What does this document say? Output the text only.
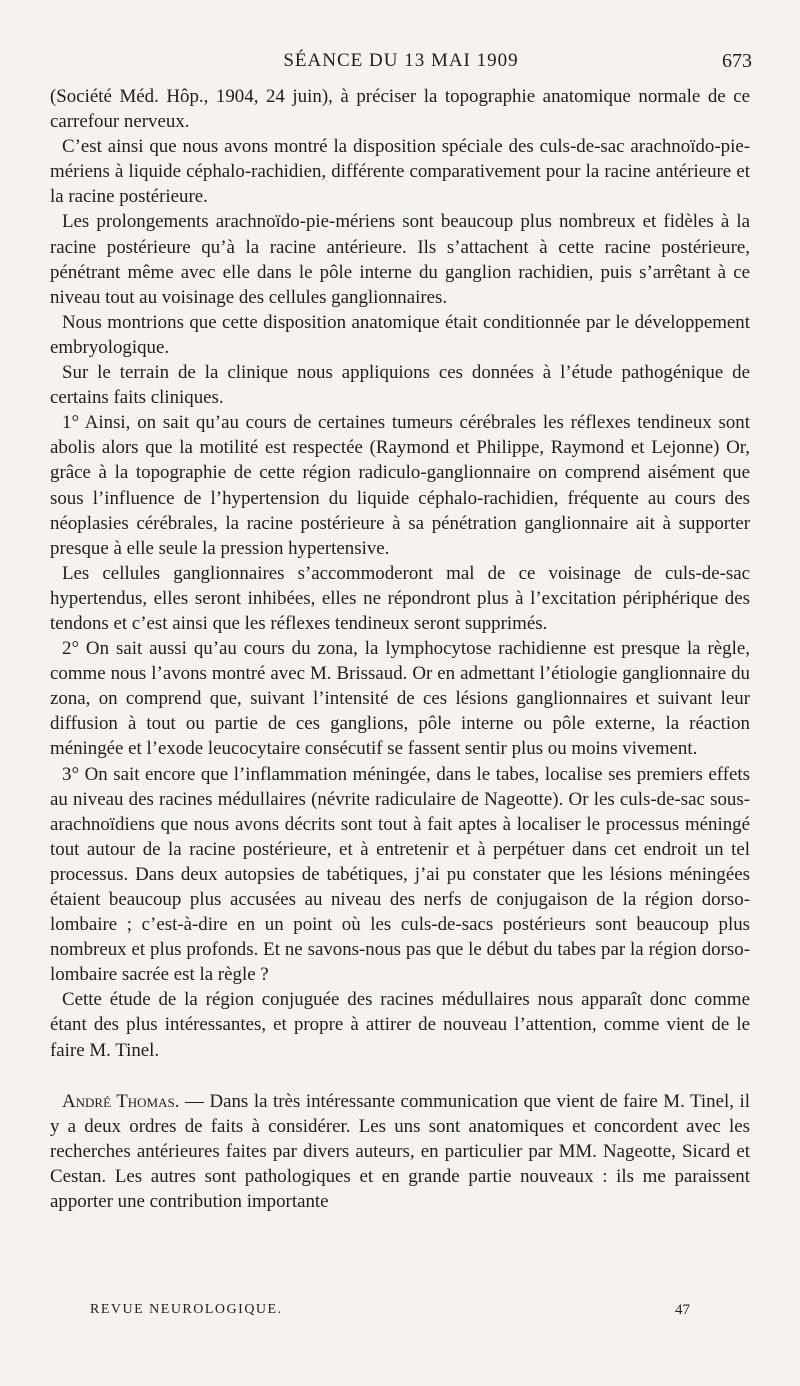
SÉANCE DU 13 MAI 1909	673

(Société Méd. Hôp., 1904, 24 juin), à préciser la topographie anatomique normale de ce carrefour nerveux.

C’est ainsi que nous avons montré la disposition spéciale des culs-de-sac arachnoïdo-pie-mériens à liquide céphalo-rachidien, différente comparativement pour la racine antérieure et la racine postérieure.

Les prolongements arachnoïdo-pie-mériens sont beaucoup plus nombreux et fidèles à la racine postérieure qu’à la racine antérieure. Ils s’attachent à cette racine postérieure, pénétrant même avec elle dans le pôle interne du ganglion rachidien, puis s’arrêtant à ce niveau tout au voisinage des cellules ganglionnaires.

Nous montrions que cette disposition anatomique était conditionnée par le développement embryologique.

Sur le terrain de la clinique nous appliquions ces données à l’étude pathogénique de certains faits cliniques.

1° Ainsi, on sait qu’au cours de certaines tumeurs cérébrales les réflexes tendineux sont abolis alors que la motilité est respectée (Raymond et Philippe, Raymond et Lejonne) Or, grâce à la topographie de cette région radiculo-ganglionnaire on comprend aisément que sous l’influence de l’hypertension du liquide céphalo-rachidien, fréquente au cours des néoplasies cérébrales, la racine postérieure à sa pénétration ganglionnaire ait à supporter presque à elle seule la pression hypertensive.

Les cellules ganglionnaires s’accommoderont mal de ce voisinage de culs-de-sac hypertendus, elles seront inhibées, elles ne répondront plus à l’excitation périphérique des tendons et c’est ainsi que les réflexes tendineux seront supprimés.

2° On sait aussi qu’au cours du zona, la lymphocytose rachidienne est presque la règle, comme nous l’avons montré avec M. Brissaud. Or en admettant l’étiologie ganglionnaire du zona, on comprend que, suivant l’intensité de ces lésions ganglionnaires et suivant leur diffusion à tout ou partie de ces ganglions, pôle interne ou pôle externe, la réaction méningée et l’exode leucocytaire consécutif se fassent sentir plus ou moins vivement.

3° On sait encore que l’inflammation méningée, dans le tabes, localise ses premiers effets au niveau des racines médullaires (névrite radiculaire de Nageotte). Or les culs-de-sac sous-arachnoïdiens que nous avons décrits sont tout à fait aptes à localiser le processus méningé tout autour de la racine postérieure, et à entretenir et à perpétuer dans cet endroit un tel processus. Dans deux autopsies de tabétiques, j’ai pu constater que les lésions méningées étaient beaucoup plus accusées au niveau des nerfs de conjugaison de la région dorso-lombaire ; c’est-à-dire en un point où les culs-de-sacs postérieurs sont beaucoup plus nombreux et plus profonds. Et ne savons-nous pas que le début du tabes par la région dorso-lombaire sacrée est la règle ?

Cette étude de la région conjuguée des racines médullaires nous apparaît donc comme étant des plus intéressantes, et propre à attirer de nouveau l’attention, comme vient de le faire M. Tinel.

André Thomas. — Dans la très intéressante communication que vient de faire M. Tinel, il y a deux ordres de faits à considérer. Les uns sont anatomiques et concordent avec les recherches antérieures faites par divers auteurs, en particulier par MM. Nageotte, Sicard et Cestan. Les autres sont pathologiques et en grande partie nouveaux : ils me paraissent apporter une contribution importante

REVUE NEUROLOGIQUE.	47
